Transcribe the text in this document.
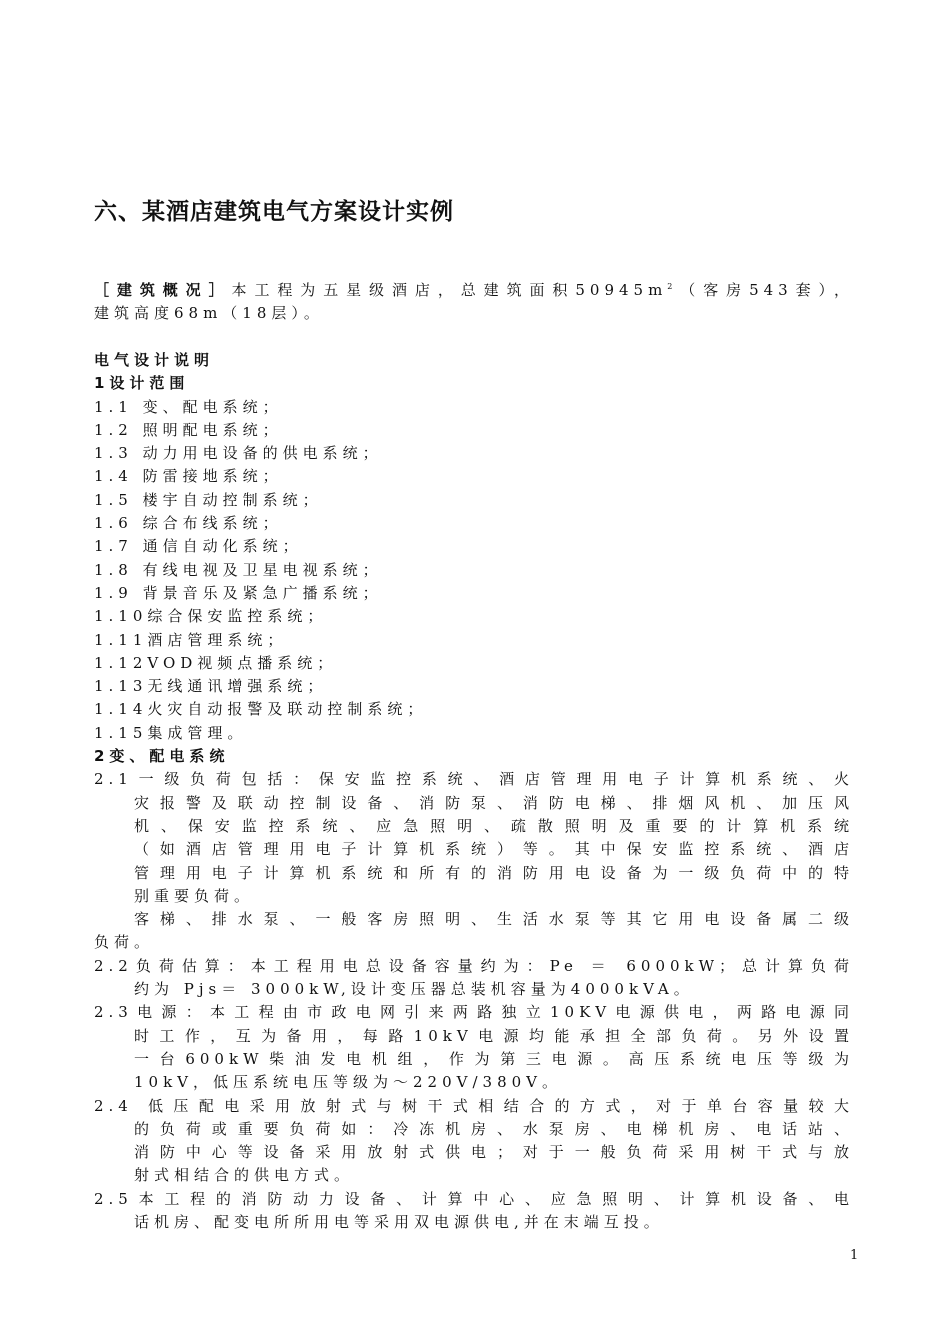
六、某酒店建筑电气方案设计实例
［建筑概况］本工程为五星级酒店，总建筑面积$50945m^2$（客房543套），
建筑高度68m（18层）。
电气设计说明
1设计范围
1.1 变、配电系统；
1.2 照明配电系统；
1.3 动力用电设备的供电系统；
1.4 防雷接地系统；
1.5 楼宇自动控制系统；
1.6 综合布线系统；
1.7 通信自动化系统；
1.8 有线电视及卫星电视系统；
1.9 背景音乐及紧急广播系统；
1.10综合保安监控系统；
1.11酒店管理系统；
1.12VOD视频点播系统；
1.13无线通讯增强系统；
1.14火灾自动报警及联动控制系统；
1.15集成管理。
2变、配电系统
2.1一级负荷包括：保安监控系统、酒店管理用电子计算机系统、火
灾报警及联动控制设备、消防泵、消防电梯、排烟风机、加压风
机、保安监控系统、应急照明、疏散照明及重要的计算机系统
（如酒店管理用电子计算机系统）等。其中保安监控系统、酒店
管理用电子计算机系统和所有的消防用电设备为一级负荷中的特
别重要负荷。
客梯、排水泵、一般客房照明、生活水泵等其它用电设备属二级
负荷。
2.2负荷估算：本工程用电总设备容量约为：Pe ＝ 6000kW；总计算负荷
约为 Pjs＝ 3000kW,设计变压器总装机容量为4000kVA。
2.3电源：本工程由市政电网引来两路独立10KV电源供电，两路电源同
时工作，互为备用，每路10kV电源均能承担全部负荷。另外设置
一台600kW柴油发电机组，作为第三电源。高压系统电压等级为
10kV，低压系统电压等级为～220V/380V。
2.4 低压配电采用放射式与树干式相结合的方式，对于单台容量较大
的负荷或重要负荷如：冷冻机房、水泵房、电梯机房、电话站、
消防中心等设备采用放射式供电；对于一般负荷采用树干式与放
射式相结合的供电方式。
2.5本工程的消防动力设备、计算中心、应急照明、计算机设备、电
话机房、配变电所所用电等采用双电源供电,并在末端互投。
1
